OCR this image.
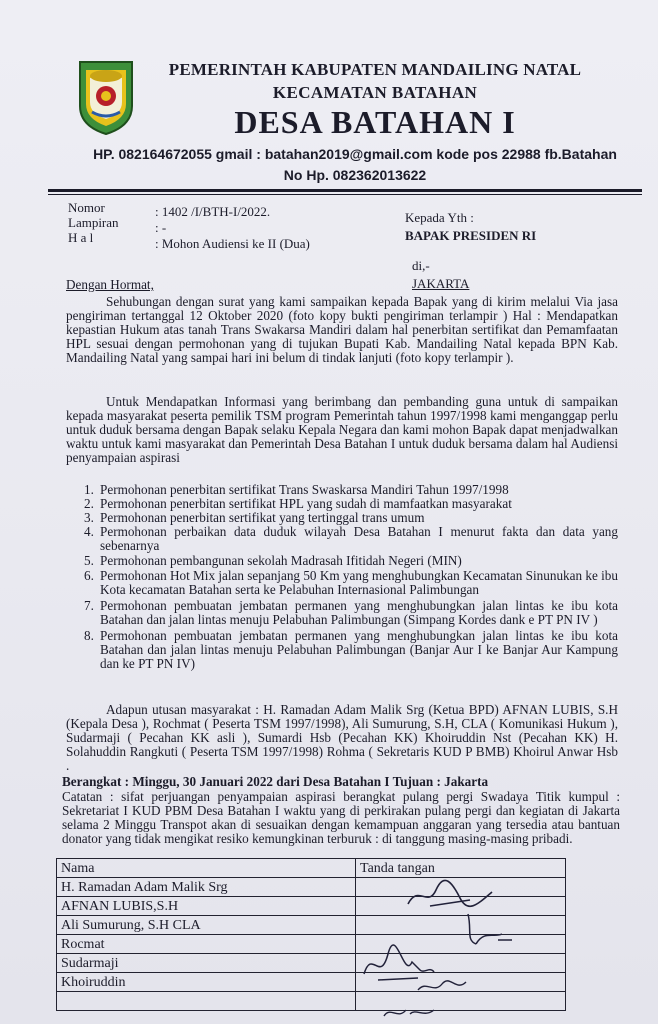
PEMERINTAH KABUPATEN MANDAILING NATAL
KECAMATAN BATAHAN
DESA BATAHAN I
HP. 082164672055 gmail : batahan2019@gmail.com kode pos 22988 fb.Batahan
No Hp. 082362013622
Nomor	: 1402 /I/BTH-I/2022.
Lampiran	: -
H a l	: Mohon Audiensi ke II (Dua)
Kepada Yth :
BAPAK PRESIDEN RI
di,-
JAKARTA
Dengan Hormat,
Sehubungan dengan surat yang kami sampaikan kepada Bapak yang di kirim melalui Via jasa pengiriman tertanggal 12 Oktober 2020 (foto kopy bukti pengiriman terlampir ) Hal : Mendapatkan kepastian Hukum atas tanah Trans Swakarsa Mandiri dalam hal penerbitan sertifikat dan Pemamfaatan HPL sesuai dengan permohonan yang di tujukan Bupati Kab. Mandailing Natal kepada BPN Kab. Mandailing Natal yang sampai hari ini belum di tindak lanjuti (foto kopy terlampir ).
Untuk Mendapatkan Informasi yang berimbang dan pembanding guna untuk di sampaikan kepada masyarakat peserta pemilik TSM program Pemerintah tahun 1997/1998 kami menganggap perlu untuk duduk bersama dengan Bapak selaku Kepala Negara dan kami mohon Bapak dapat menjadwalkan waktu untuk kami masyarakat dan Pemerintah Desa Batahan I untuk duduk bersama dalam hal Audiensi penyampaian aspirasi
1. Permohonan penerbitan sertifikat Trans Swaskarsa Mandiri Tahun 1997/1998
2. Permohonan penerbitan sertifikat HPL yang sudah di mamfaatkan masyarakat
3. Permohonan penerbitan sertifikat yang tertinggal trans umum
4. Permohonan perbaikan data duduk wilayah Desa Batahan I menurut fakta dan data yang sebenarnya
5. Permohonan pembangunan sekolah Madrasah Ifitidah Negeri (MIN)
6. Permohonan Hot Mix jalan sepanjang 50 Km yang menghubungkan Kecamatan Sinunukan ke ibu Kota kecamatan Batahan serta ke Pelabuhan Internasional Palimbungan
7. Permohonan pembuatan jembatan permanen yang menghubungkan jalan lintas ke ibu kota Batahan dan jalan lintas menuju Pelabuhan Palimbungan (Simpang Kordes dank e PT PN IV )
8. Permohonan pembuatan jembatan permanen yang menghubungkan jalan lintas ke ibu kota Batahan dan jalan lintas menuju Pelabuhan Palimbungan (Banjar Aur I ke Banjar Aur Kampung dan ke PT PN IV)
Adapun utusan masyarakat : H. Ramadan Adam Malik Srg (Ketua BPD) AFNAN LUBIS, S.H (Kepala Desa ), Rochmat ( Peserta TSM 1997/1998), Ali Sumurung, S.H, CLA ( Komunikasi Hukum ), Sudarmaji ( Pecahan KK asli ), Sumardi Hsb (Pecahan KK) Khoiruddin Nst (Pecahan KK) H. Solahuddin Rangkuti ( Peserta TSM 1997/1998) Rohma ( Sekretaris KUD P BMB) Khoirul Anwar Hsb .
Berangkat : Minggu, 30 Januari 2022 dari Desa Batahan I Tujuan : Jakarta
Catatan : sifat perjuangan penyampaian aspirasi berangkat pulang pergi Swadaya Titik kumpul : Sekretariat I KUD PBM Desa Batahan I waktu yang di perkirakan pulang pergi dan kegiatan di Jakarta selama 2 Minggu Transpot akan di sesuaikan dengan kemampuan anggaran yang tersedia atau bantuan donator yang tidak mengikat resiko kemungkinan terburuk : di tanggung masing-masing pribadi.
Nama	Tanda tangan
H. Ramadan Adam Malik Srg	
AFNAN LUBIS,S.H	
Ali Sumurung, S.H CLA	
Rocmat	
Sudarmaji	
Khoiruddin	
